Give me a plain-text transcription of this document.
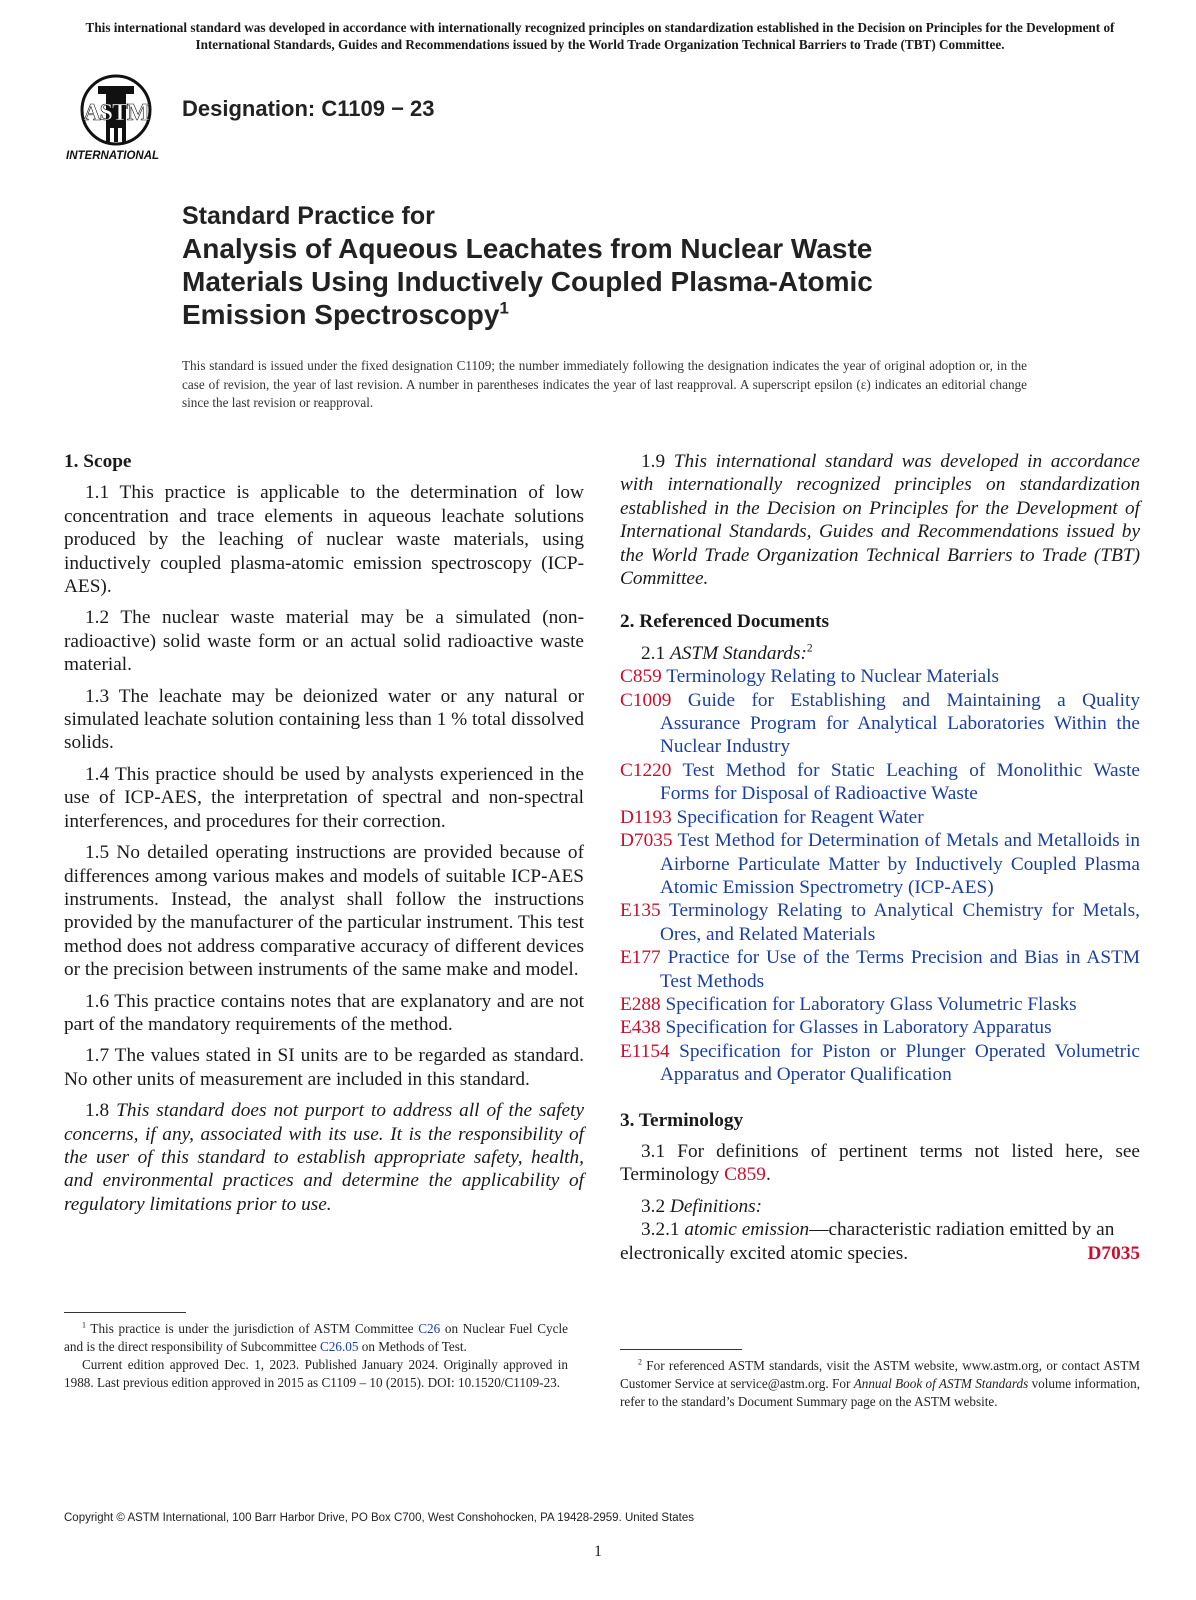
This international standard was developed in accordance with internationally recognized principles on standardization established in the Decision on Principles for the Development of International Standards, Guides and Recommendations issued by the World Trade Organization Technical Barriers to Trade (TBT) Committee.
ASTM
INTERNATIONAL
Designation: C1109 − 23
Standard Practice for
Analysis of Aqueous Leachates from Nuclear Waste
Materials Using Inductively Coupled Plasma-Atomic
Emission Spectroscopy$^1$
This standard is issued under the fixed designation C1109; the number immediately following the designation indicates the year of original adoption or, in the case of revision, the year of last revision. A number in parentheses indicates the year of last reapproval. A superscript epsilon (ε) indicates an editorial change since the last revision or reapproval.
1. Scope

1.1 This practice is applicable to the determination of low concentration and trace elements in aqueous leachate solutions produced by the leaching of nuclear waste materials, using inductively coupled plasma-atomic emission spectroscopy (ICP-AES).

1.2 The nuclear waste material may be a simulated (non-radioactive) solid waste form or an actual solid radioactive waste material.

1.3 The leachate may be deionized water or any natural or simulated leachate solution containing less than 1 % total dissolved solids.

1.4 This practice should be used by analysts experienced in the use of ICP-AES, the interpretation of spectral and non-spectral interferences, and procedures for their correction.

1.5 No detailed operating instructions are provided because of differences among various makes and models of suitable ICP-AES instruments. Instead, the analyst shall follow the instructions provided by the manufacturer of the particular instrument. This test method does not address comparative accuracy of different devices or the precision between instruments of the same make and model.

1.6 This practice contains notes that are explanatory and are not part of the mandatory requirements of the method.

1.7 The values stated in SI units are to be regarded as standard. No other units of measurement are included in this standard.

1.8 This standard does not purport to address all of the safety concerns, if any, associated with its use. It is the responsibility of the user of this standard to establish appropriate safety, health, and environmental practices and determine the applicability of regulatory limitations prior to use.

1.9 This international standard was developed in accordance with internationally recognized principles on standardization established in the Decision on Principles for the Development of International Standards, Guides and Recommendations issued by the World Trade Organization Technical Barriers to Trade (TBT) Committee.

2. Referenced Documents

2.1 ASTM Standards:$^2$

C859 Terminology Relating to Nuclear Materials

C1009 Guide for Establishing and Maintaining a Quality Assurance Program for Analytical Laboratories Within the Nuclear Industry

C1220 Test Method for Static Leaching of Monolithic Waste Forms for Disposal of Radioactive Waste

D1193 Specification for Reagent Water

D7035 Test Method for Determination of Metals and Metalloids in Airborne Particulate Matter by Inductively Coupled Plasma Atomic Emission Spectrometry (ICP-AES)

E135 Terminology Relating to Analytical Chemistry for Metals, Ores, and Related Materials

E177 Practice for Use of the Terms Precision and Bias in ASTM Test Methods

E288 Specification for Laboratory Glass Volumetric Flasks

E438 Specification for Glasses in Laboratory Apparatus

E1154 Specification for Piston or Plunger Operated Volumetric Apparatus and Operator Qualification

3. Terminology

3.1 For definitions of pertinent terms not listed here, see Terminology C859.

3.2 Definitions:

3.2.1 atomic emission—characteristic radiation emitted by an electronically excited atomic species.	D7035

$^1$ This practice is under the jurisdiction of ASTM Committee C26 on Nuclear Fuel Cycle and is the direct responsibility of Subcommittee C26.05 on Methods of Test.

Current edition approved Dec. 1, 2023. Published January 2024. Originally approved in 1988. Last previous edition approved in 2015 as C1109 – 10 (2015). DOI: 10.1520/C1109-23.

$^2$ For referenced ASTM standards, visit the ASTM website, www.astm.org, or contact ASTM Customer Service at service@astm.org. For Annual Book of ASTM Standards volume information, refer to the standard’s Document Summary page on the ASTM website.

Copyright © ASTM International, 100 Barr Harbor Drive, PO Box C700, West Conshohocken, PA 19428-2959. United States
1
